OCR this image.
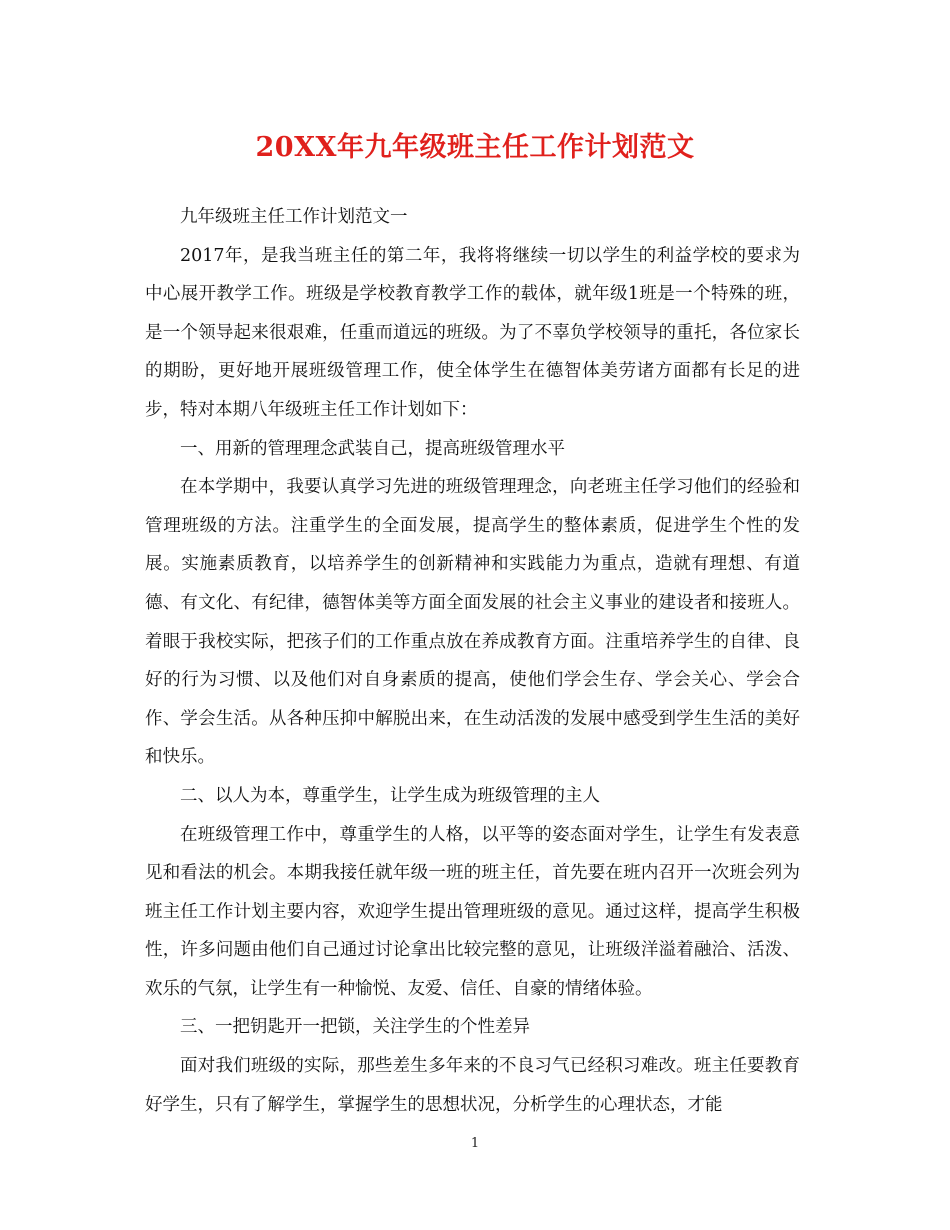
20XX年九年级班主任工作计划范文

九年级班主任工作计划范文一

2017年，是我当班主任的第二年，我将将继续一切以学生的利益学校的要求为中心展开教学工作。班级是学校教育教学工作的载体，就年级1班是一个特殊的班，是一个领导起来很艰难，任重而道远的班级。为了不辜负学校领导的重托，各位家长的期盼，更好地开展班级管理工作，使全体学生在德智体美劳诸方面都有长足的进步，特对本期八年级班主任工作计划如下：

一、用新的管理理念武装自己，提高班级管理水平

在本学期中，我要认真学习先进的班级管理理念，向老班主任学习他们的经验和管理班级的方法。注重学生的全面发展，提高学生的整体素质，促进学生个性的发展。实施素质教育，以培养学生的创新精神和实践能力为重点，造就有理想、有道德、有文化、有纪律，德智体美等方面全面发展的社会主义事业的建设者和接班人。着眼于我校实际，把孩子们的工作重点放在养成教育方面。注重培养学生的自律、良好的行为习惯、以及他们对自身素质的提高，使他们学会生存、学会关心、学会合作、学会生活。从各种压抑中解脱出来，在生动活泼的发展中感受到学生生活的美好和快乐。

二、以人为本，尊重学生，让学生成为班级管理的主人

在班级管理工作中，尊重学生的人格，以平等的姿态面对学生，让学生有发表意见和看法的机会。本期我接任就年级一班的班主任，首先要在班内召开一次班会列为班主任工作计划主要内容，欢迎学生提出管理班级的意见。通过这样，提高学生积极性，许多问题由他们自己通过讨论拿出比较完整的意见，让班级洋溢着融洽、活泼、欢乐的气氛，让学生有一种愉悦、友爱、信任、自豪的情绪体验。

三、一把钥匙开一把锁，关注学生的个性差异

面对我们班级的实际，那些差生多年来的不良习气已经积习难改。班主任要教育好学生，只有了解学生，掌握学生的思想状况，分析学生的心理状态，才能

1
